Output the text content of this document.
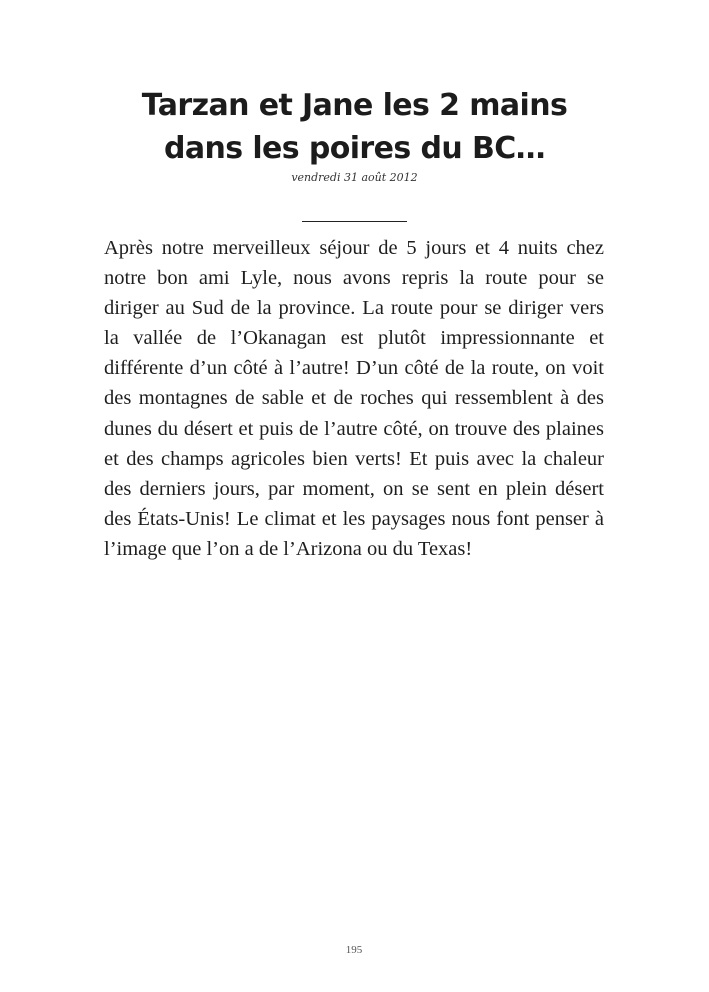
Tarzan et Jane les 2 mains
dans les poires du BC…
vendredi 31 août 2012

Après notre merveilleux séjour de 5 jours et 4 nuits chez notre bon ami Lyle, nous avons repris la route pour se diriger au Sud de la province. La route pour se diriger vers la vallée de l’Okanagan est plutôt impressionnante et différente d’un côté à l’autre! D’un côté de la route, on voit des montagnes de sable et de roches qui ressemblent à des dunes du désert et puis de l’autre côté, on trouve des plaines et des champs agricoles bien verts! Et puis avec la chaleur des derniers jours, par moment, on se sent en plein désert des États-Unis! Le climat et les paysages nous font penser à l’image que l’on a de l’Arizona ou du Texas!

195
